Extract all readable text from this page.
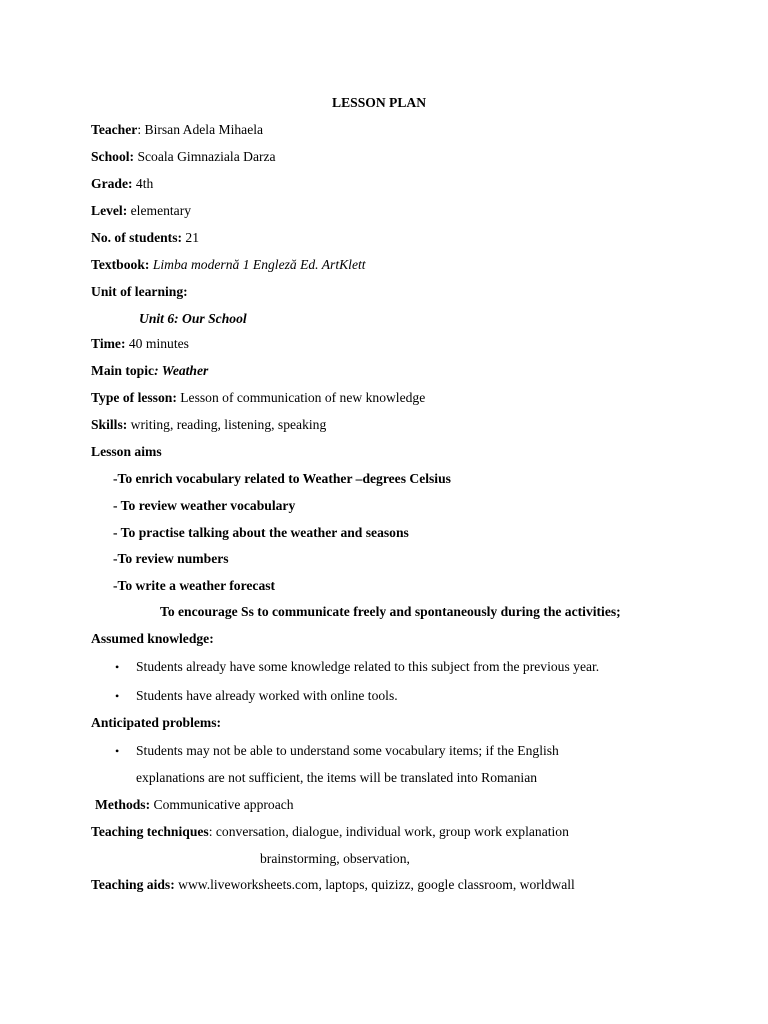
LESSON PLAN
Teacher: Birsan Adela Mihaela
School: Scoala Gimnaziala Darza
Grade: 4th
Level: elementary
No. of students: 21
Textbook: Limba modernă 1 Engleză Ed. ArtKlett
Unit of learning:
Unit 6: Our School
Time: 40 minutes
Main topic: Weather
Type of lesson: Lesson of communication of new knowledge
Skills: writing, reading, listening, speaking
Lesson aims
-To enrich vocabulary related to Weather –degrees Celsius
- To review weather vocabulary
- To practise talking about the weather and seasons
-To review numbers
-To write a weather forecast
To encourage Ss to communicate freely and spontaneously during the activities;
Assumed knowledge:
• Students already have some knowledge related to this subject from the previous year.
• Students have already worked with online tools.
Anticipated problems:
• Students may not be able to understand some vocabulary items; if the English
explanations are not sufficient, the items will be translated into Romanian
Methods: Communicative approach
Teaching techniques: conversation, dialogue, individual work, group work explanation
brainstorming, observation,
Teaching aids: www.liveworksheets.com, laptops, quizizz, google classroom, worldwall
